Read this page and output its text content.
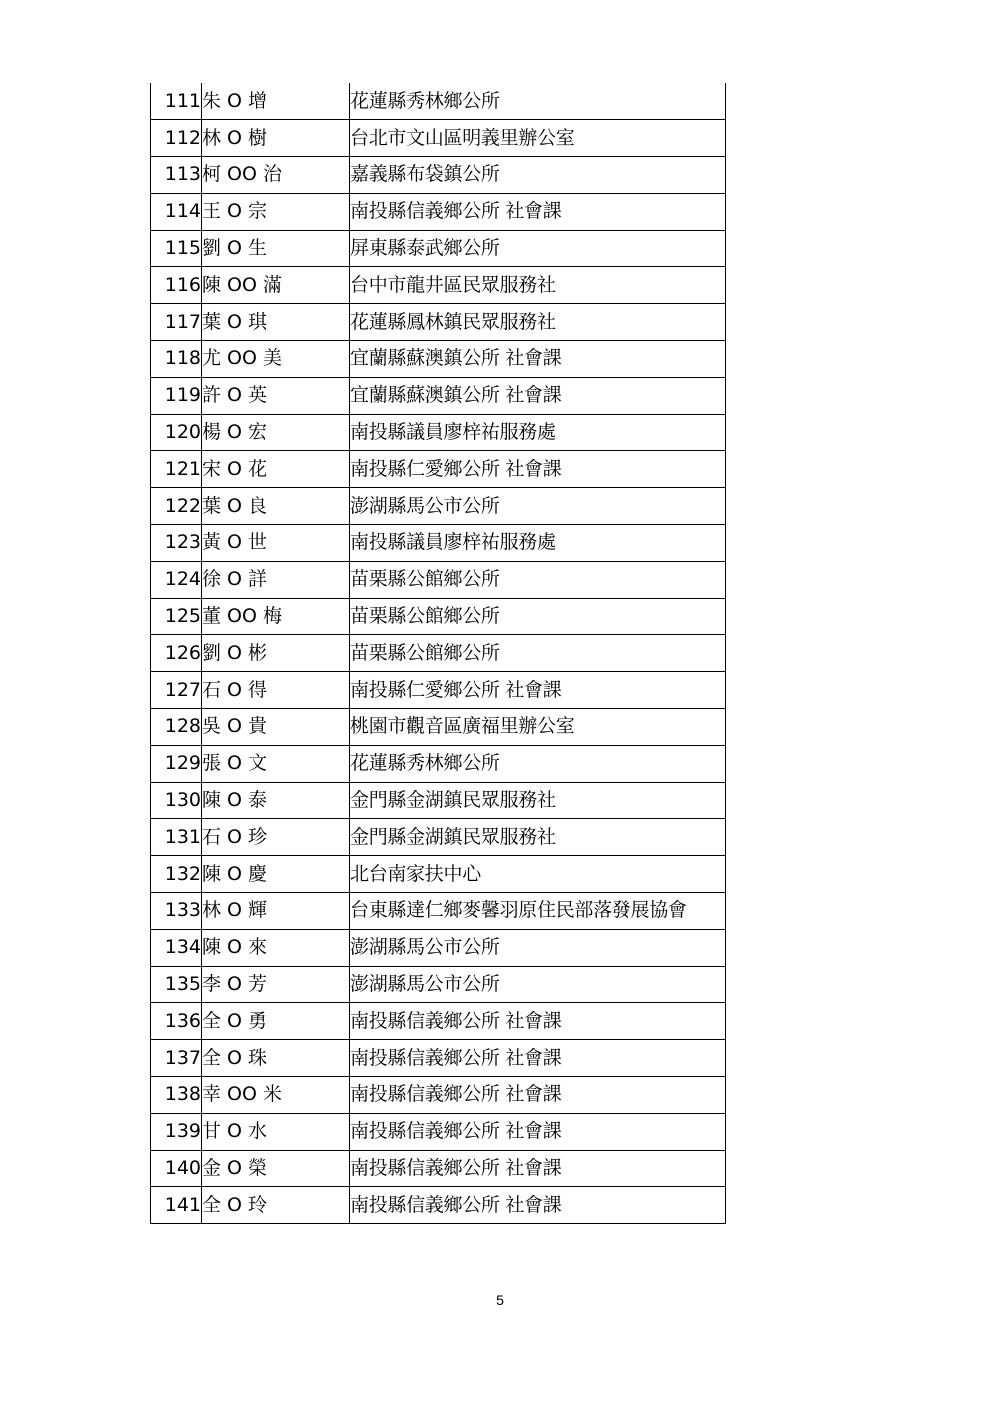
111	朱 O 增	花蓮縣秀林鄉公所
112	林 O 樹	台北市文山區明義里辦公室
113	柯 OO 治	嘉義縣布袋鎮公所
114	王 O 宗	南投縣信義鄉公所 社會課
115	劉 O 生	屏東縣泰武鄉公所
116	陳 OO 滿	台中市龍井區民眾服務社
117	葉 O 琪	花蓮縣鳳林鎮民眾服務社
118	尤 OO 美	宜蘭縣蘇澳鎮公所 社會課
119	許 O 英	宜蘭縣蘇澳鎮公所 社會課
120	楊 O 宏	南投縣議員廖梓祐服務處
121	宋 O 花	南投縣仁愛鄉公所 社會課
122	葉 O 良	澎湖縣馬公市公所
123	黃 O 世	南投縣議員廖梓祐服務處
124	徐 O 詳	苗栗縣公館鄉公所
125	董 OO 梅	苗栗縣公館鄉公所
126	劉 O 彬	苗栗縣公館鄉公所
127	石 O 得	南投縣仁愛鄉公所 社會課
128	吳 O 貴	桃園市觀音區廣福里辦公室
129	張 O 文	花蓮縣秀林鄉公所
130	陳 O 泰	金門縣金湖鎮民眾服務社
131	石 O 珍	金門縣金湖鎮民眾服務社
132	陳 O 慶	北台南家扶中心
133	林 O 輝	台東縣達仁鄉麥馨羽原住民部落發展協會
134	陳 O 來	澎湖縣馬公市公所
135	李 O 芳	澎湖縣馬公市公所
136	全 O 勇	南投縣信義鄉公所 社會課
137	全 O 珠	南投縣信義鄉公所 社會課
138	幸 OO 米	南投縣信義鄉公所 社會課
139	甘 O 水	南投縣信義鄉公所 社會課
140	金 O 榮	南投縣信義鄉公所 社會課
141	全 O 玲	南投縣信義鄉公所 社會課
5
